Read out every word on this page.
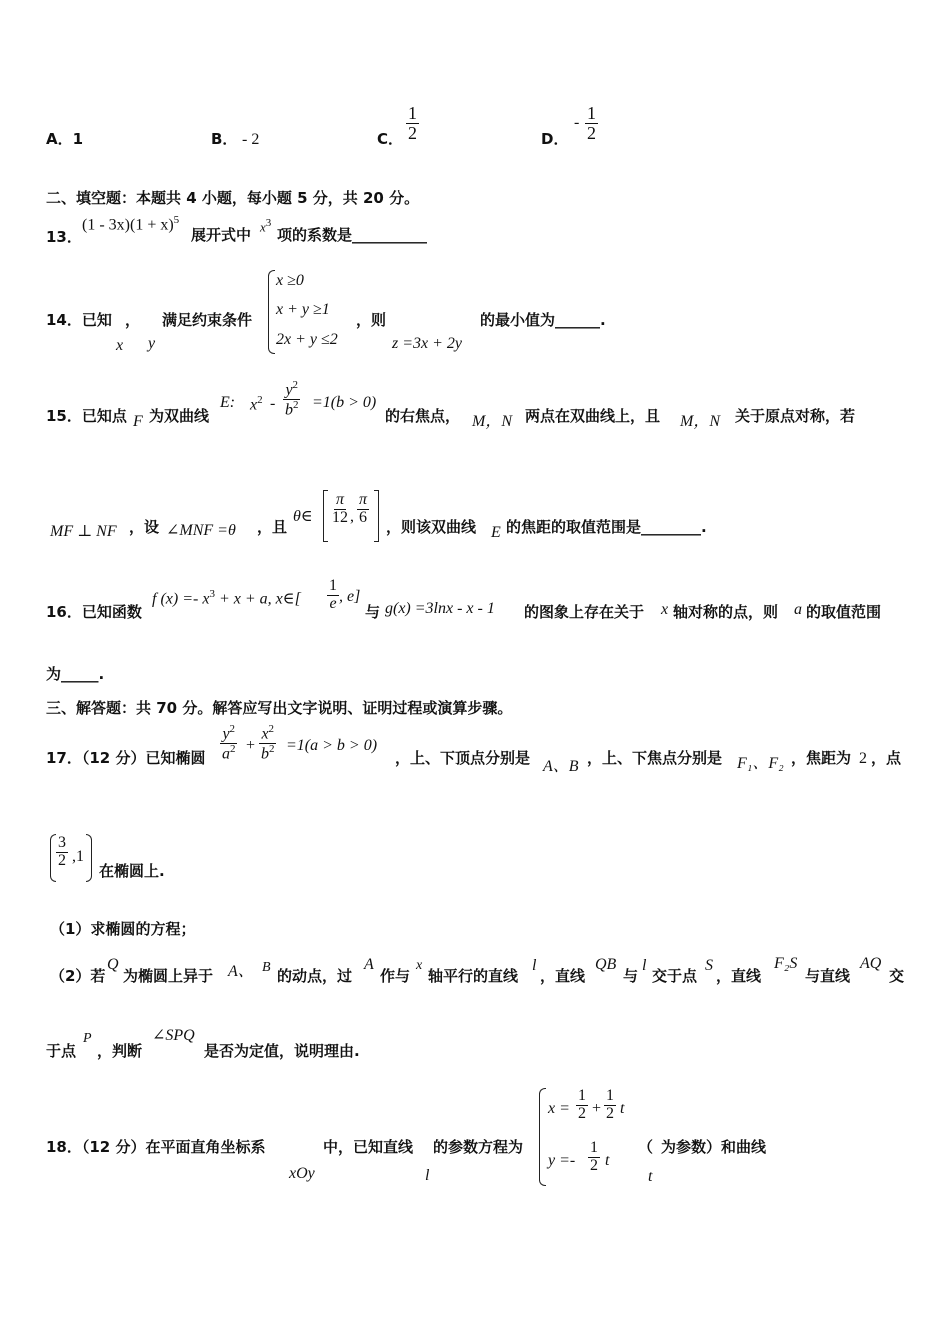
A．1	B． - 2	C． $\frac{1}{2}$	D．
- $\frac{1}{2}$
二、填空题：本题共 4 小题，每小题 5 分，共 20 分。
13．
$(1 - 3x)(1 + x)^5$
展开式中 $x^3$
项的系数是__________
14．已知 ，
x y
满足约束条件
x ≥0
x + y ≥1
2x + y ≤2
，则
z =3x + 2y
的最小值为______.
15．已知点 F 为双曲线
E: $x^2 - \frac{y^2}{b^2} =1(b > 0)$
的右焦点， M，N 两点在双曲线上，且 M，N 关于原点对称，若
MF ⊥ NF ，设 ∠MNF =θ ，且
θ∈ $\frac{\pi}{12}$ , $\frac{\pi}{6}$
，则该双曲线 E 的焦距的取值范围是________.
16．已知函数
f $(x) =- x^3 + x + a$, x∈[ $\frac{1}{e}$ , e]
与 g(x) =3lnx - x - 1 的图象上存在关于 x 轴对称的点，则 a 的取值范围
为_____.
三、解答题：共 70 分。解答应写出文字说明、证明过程或演算步骤。
17．（12 分）已知椭圆 $\frac{y^2}{a^2} + \frac{x^2}{b^2} =1(a > b > 0)$
，上、下顶点分别是 A、B ，上、下焦点分别是 F₁、F₂ ，焦距为 2 ，点
$\frac{3}{2} ,1$
在椭圆上.
（1）求椭圆的方程；
（2）若
Q
为椭圆上异于 A、 B 的动点，过
A
作与
x
轴平行的直线
l
，直线
QB
与
l
交于点
S
，直线
F₂S
与直线
AQ
交
于点
P
，判断
∠SPQ
是否为定值，说明理由.
18．（12 分）在平面直角坐标系
xOy
中，已知直线
l
的参数方程为
$x = \frac{1}{2} + \frac{1}{2}$ t
$y =- \frac{1}{2}$ t
（
t
为参数）和曲线
